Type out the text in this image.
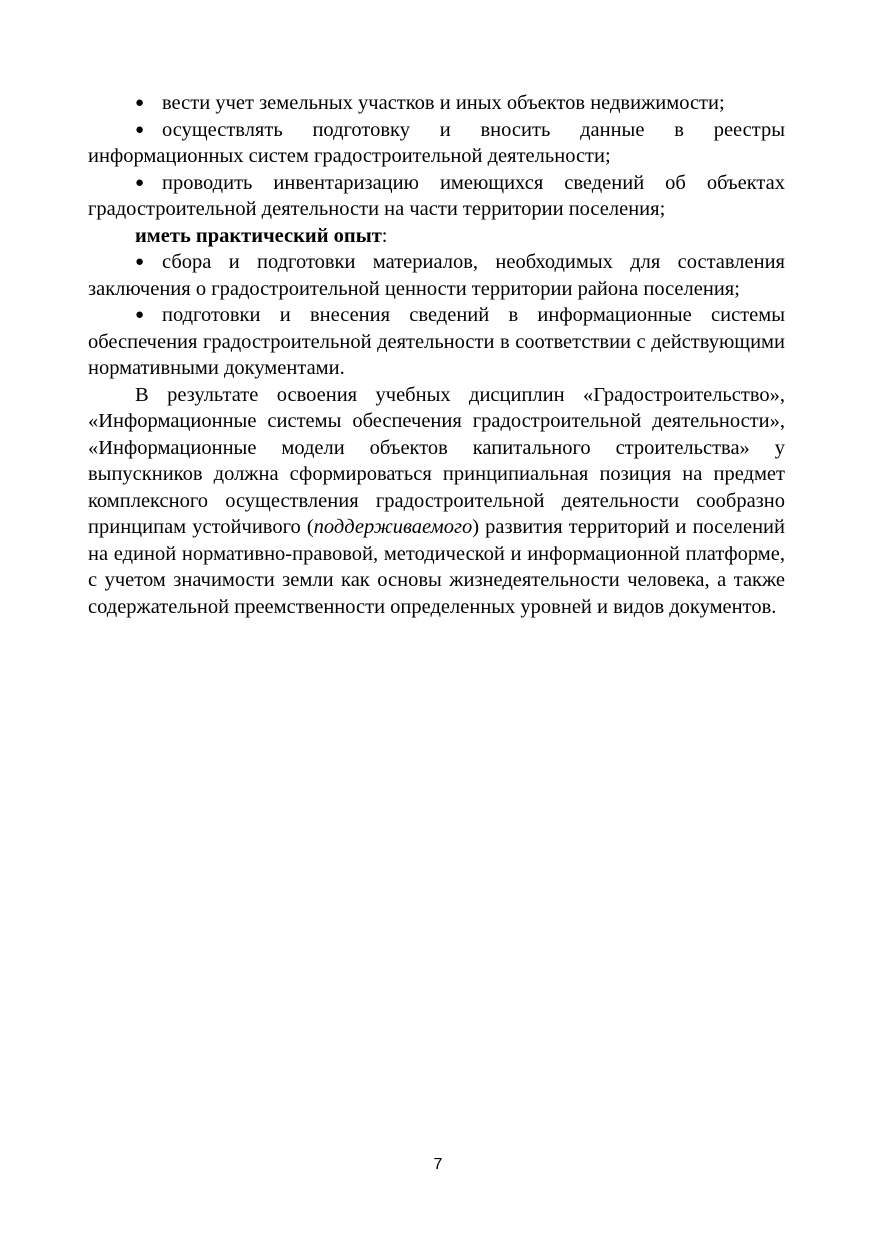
● вести учет земельных участков и иных объектов недвижимости;

● осуществлять подготовку и вносить данные в реестры информационных систем градостроительной деятельности;

● проводить инвентаризацию имеющихся сведений об объектах градостроительной деятельности на части территории поселения;

иметь практический опыт:

● сбора и подготовки материалов, необходимых для составления заключения о градостроительной ценности территории района поселения;

● подготовки и внесения сведений в информационные системы обеспечения градостроительной деятельности в соответствии с действующими нормативными документами.

В результате освоения учебных дисциплин «Градостроительство», «Информационные системы обеспечения градостроительной деятельности», «Информационные модели объектов капитального строительства» у выпускников должна сформироваться принципиальная позиция на предмет комплексного осуществления градостроительной деятельности сообразно принципам устойчивого (поддерживаемого) развития территорий и поселений на единой нормативно-правовой, методической и информационной платформе, с учетом значимости земли как основы жизнедеятельности человека, а также содержательной преемственности определенных уровней и видов документов.

7
